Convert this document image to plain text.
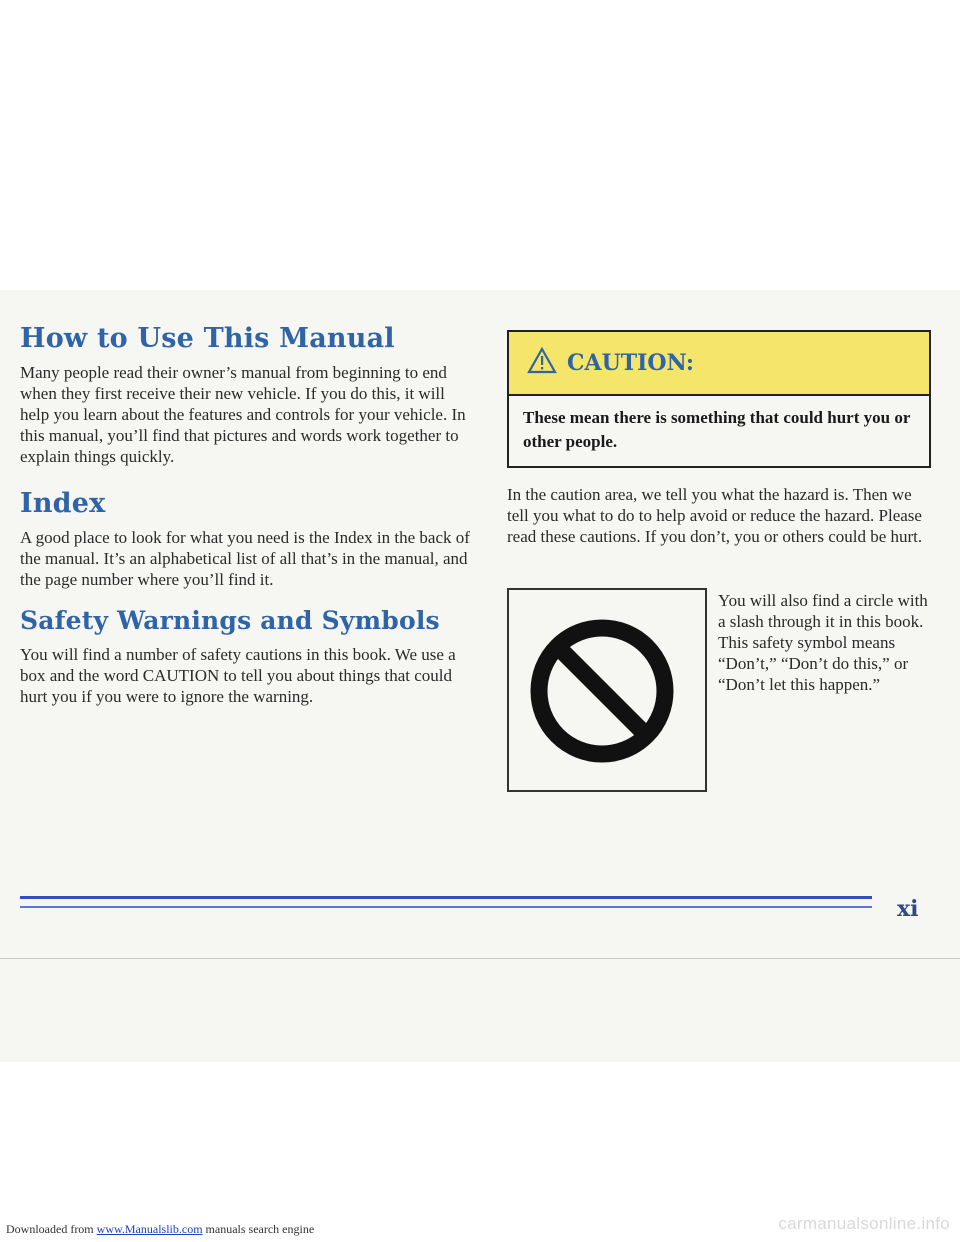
How to Use This Manual

Many people read their owner’s manual from beginning to end when they first receive their new vehicle. If you do this, it will help you learn about the features and controls for your vehicle. In this manual, you’ll find that pictures and words work together to explain things quickly.

Index

A good place to look for what you need is the Index in the back of the manual. It’s an alphabetical list of all that’s in the manual, and the page number where you’ll find it.

Safety Warnings and Symbols

You will find a number of safety cautions in this book. We use a box and the word CAUTION to tell you about things that could hurt you if you were to ignore the warning.

CAUTION:
These mean there is something that could hurt you or other people.

In the caution area, we tell you what the hazard is. Then we tell you what to do to help avoid or reduce the hazard. Please read these cautions. If you don’t, you or others could be hurt.

You will also find a circle with a slash through it in this book. This safety symbol means “Don’t,” “Don’t do this,” or “Don’t let this happen.”

xi
Downloaded from www.Manualslib.com manuals search engine	carmanualsonline.info
